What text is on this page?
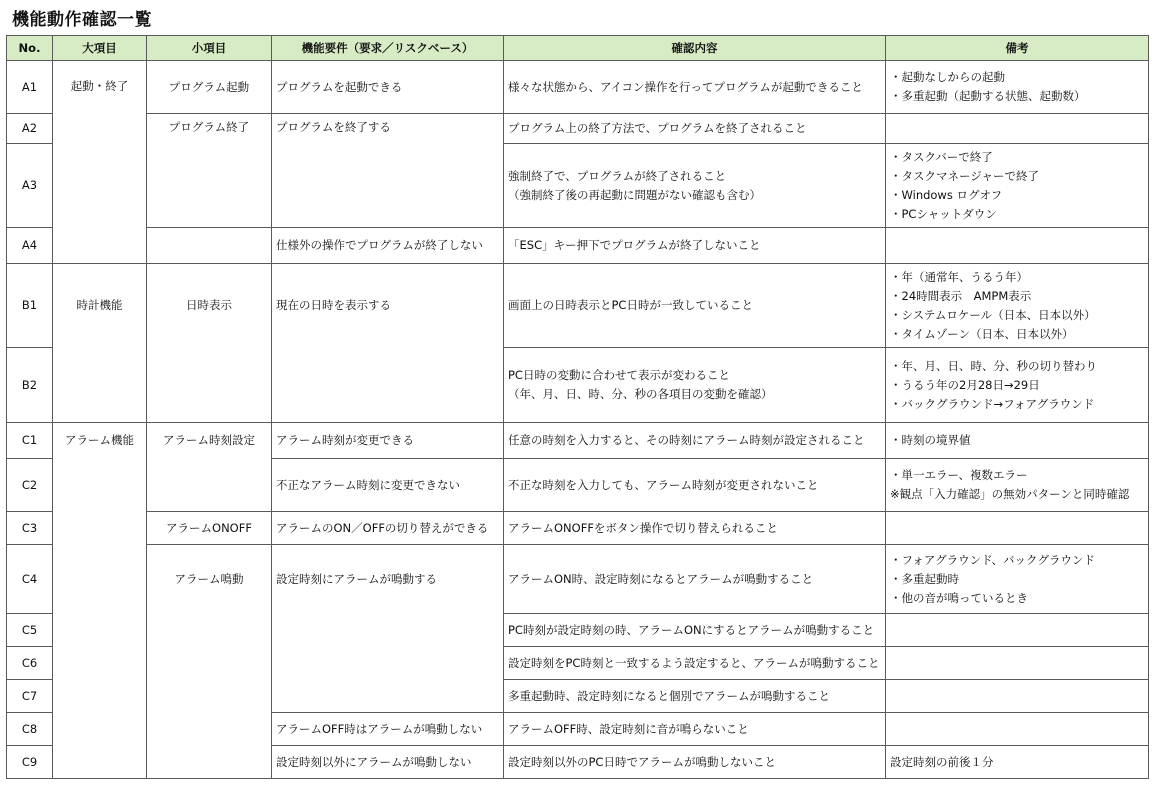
機能動作確認一覧
No.	大項目	小項目	機能要件（要求／リスクベース）	確認内容	備考
A1	起動・終了	プログラム起動	プログラムを起動できる	様々な状態から、アイコン操作を行ってプログラムが起動できること	・起動なしからの起動
・多重起動（起動する状態、起動数）

A2		プログラム終了	プログラムを終了する	プログラム上の終了方法で、プログラムを終了されること	

A3				強制終了で、プログラムが終了されること
（強制終了後の再起動に問題がない確認も含む）	・タスクバーで終了
・タスクマネージャーで終了
・Windows ログオフ
・PCシャットダウン

A4			仕様外の操作でプログラムが終了しない	「ESC」キー押下でプログラムが終了しないこと	

B1	時計機能	日時表示	現在の日時を表示する	画面上の日時表示とPC日時が一致していること	・年（通常年、うるう年）
・24時間表示　AMPM表示
・システムロケール（日本、日本以外）
・タイムゾーン（日本、日本以外）

B2				PC日時の変動に合わせて表示が変わること
（年、月、日、時、分、秒の各項目の変動を確認）	・年、月、日、時、分、秒の切り替わり
・うるう年の2月28日→29日
・バックグラウンド→フォアグラウンド

C1	アラーム機能	アラーム時刻設定	アラーム時刻が変更できる	任意の時刻を入力すると、その時刻にアラーム時刻が設定されること	・時刻の境界値

C2			不正なアラーム時刻に変更できない	不正な時刻を入力しても、アラーム時刻が変更されないこと	・単一エラー、複数エラー
※観点「入力確認」の無効パターンと同時確認

C3		アラームONOFF	アラームのON／OFFの切り替えができる	アラームONOFFをボタン操作で切り替えられること	

C4		アラーム鳴動	設定時刻にアラームが鳴動する	アラームON時、設定時刻になるとアラームが鳴動すること	・フォアグラウンド、バックグラウンド
・多重起動時
・他の音が鳴っているとき

C5				PC時刻が設定時刻の時、アラームONにするとアラームが鳴動すること	

C6				設定時刻をPC時刻と一致するよう設定すると、アラームが鳴動すること	

C7				多重起動時、設定時刻になると個別でアラームが鳴動すること	

C8			アラームOFF時はアラームが鳴動しない	アラームOFF時、設定時刻に音が鳴らないこと	

C9			設定時刻以外にアラームが鳴動しない	設定時刻以外のPC日時でアラームが鳴動しないこと	設定時刻の前後１分
